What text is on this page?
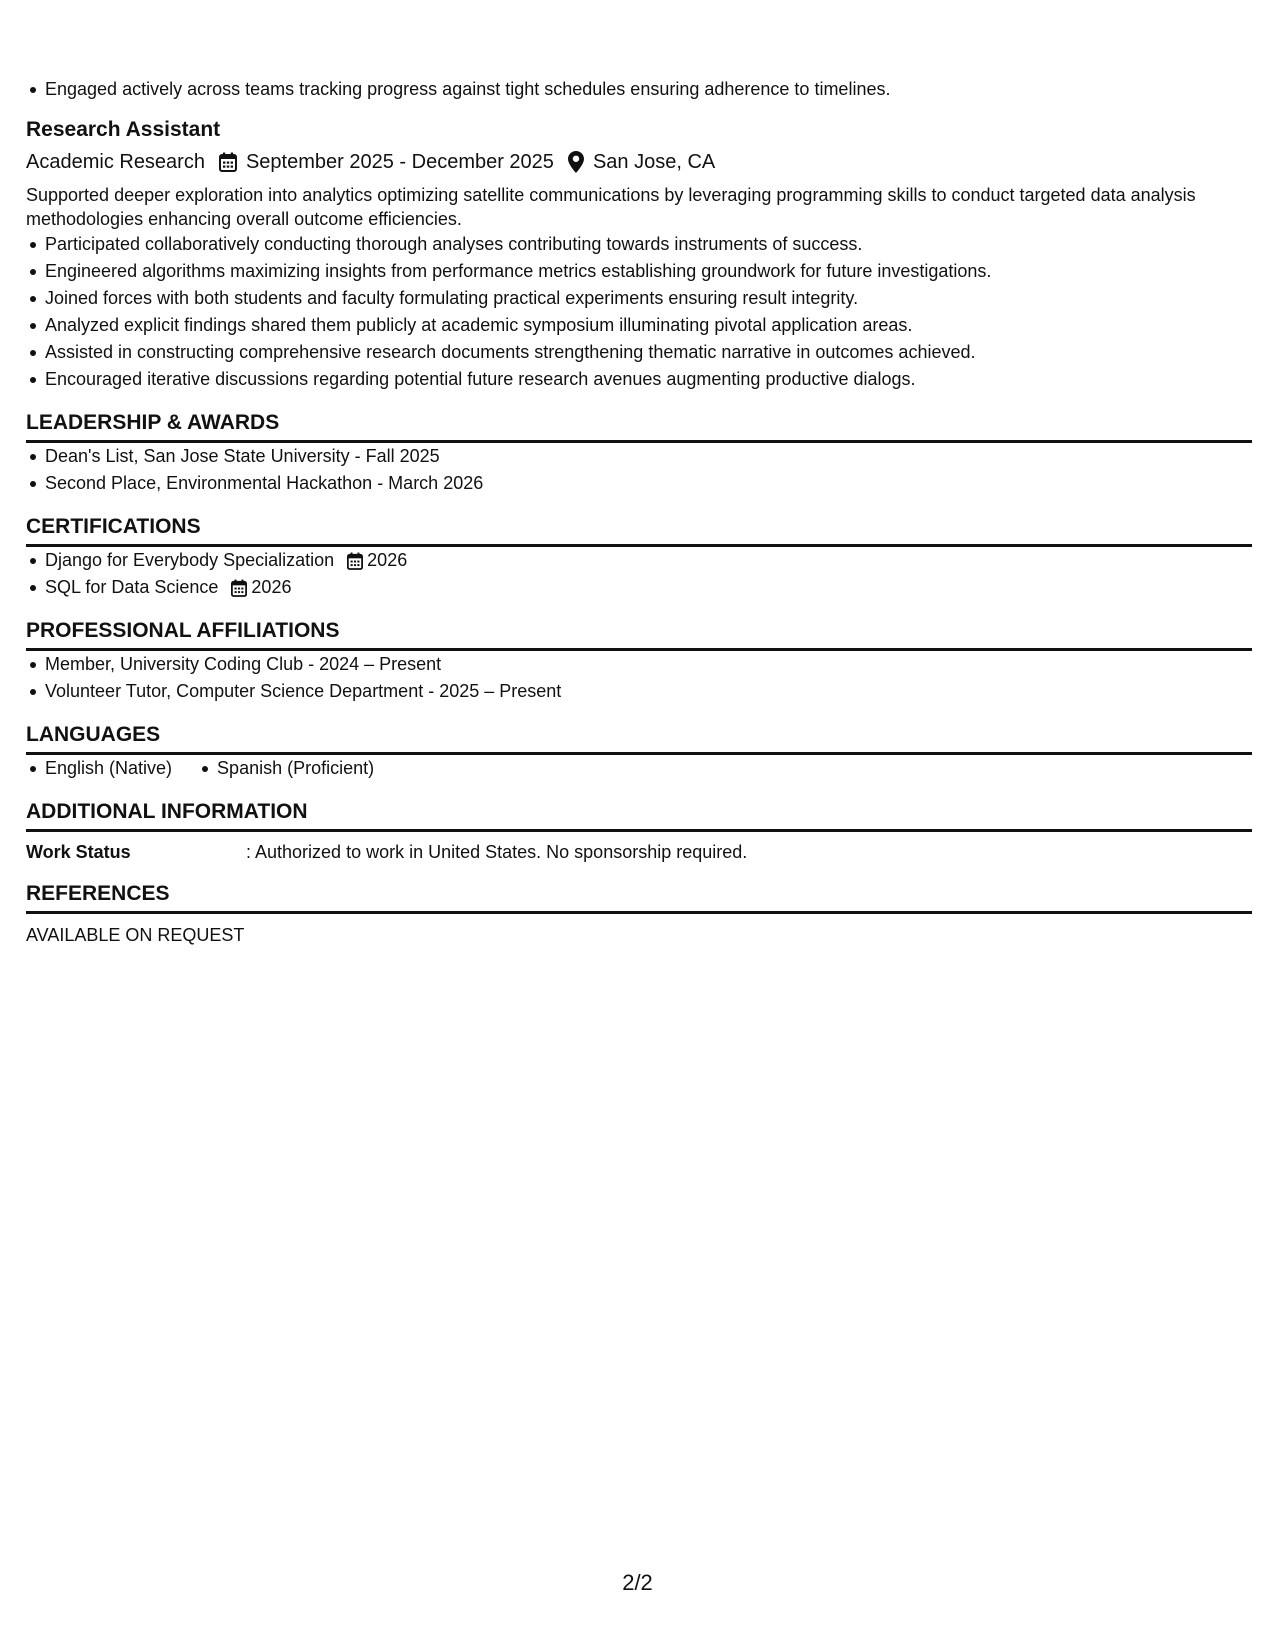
Engaged actively across teams tracking progress against tight schedules ensuring adherence to timelines.
Research Assistant
Academic Research September 2025 - December 2025 San Jose, CA
Supported deeper exploration into analytics optimizing satellite communications by leveraging programming skills to conduct targeted data analysis methodologies enhancing overall outcome efficiencies.
Participated collaboratively conducting thorough analyses contributing towards instruments of success.
Engineered algorithms maximizing insights from performance metrics establishing groundwork for future investigations.
Joined forces with both students and faculty formulating practical experiments ensuring result integrity.
Analyzed explicit findings shared them publicly at academic symposium illuminating pivotal application areas.
Assisted in constructing comprehensive research documents strengthening thematic narrative in outcomes achieved.
Encouraged iterative discussions regarding potential future research avenues augmenting productive dialogs.
LEADERSHIP & AWARDS
Dean's List, San Jose State University - Fall 2025
Second Place, Environmental Hackathon - March 2026
CERTIFICATIONS
Django for Everybody Specialization 2026
SQL for Data Science 2026
PROFESSIONAL AFFILIATIONS
Member, University Coding Club - 2024 – Present
Volunteer Tutor, Computer Science Department - 2025 – Present
LANGUAGES
English (Native)	Spanish (Proficient)
ADDITIONAL INFORMATION
Work Status	: Authorized to work in United States. No sponsorship required.
REFERENCES
AVAILABLE ON REQUEST
2/2
